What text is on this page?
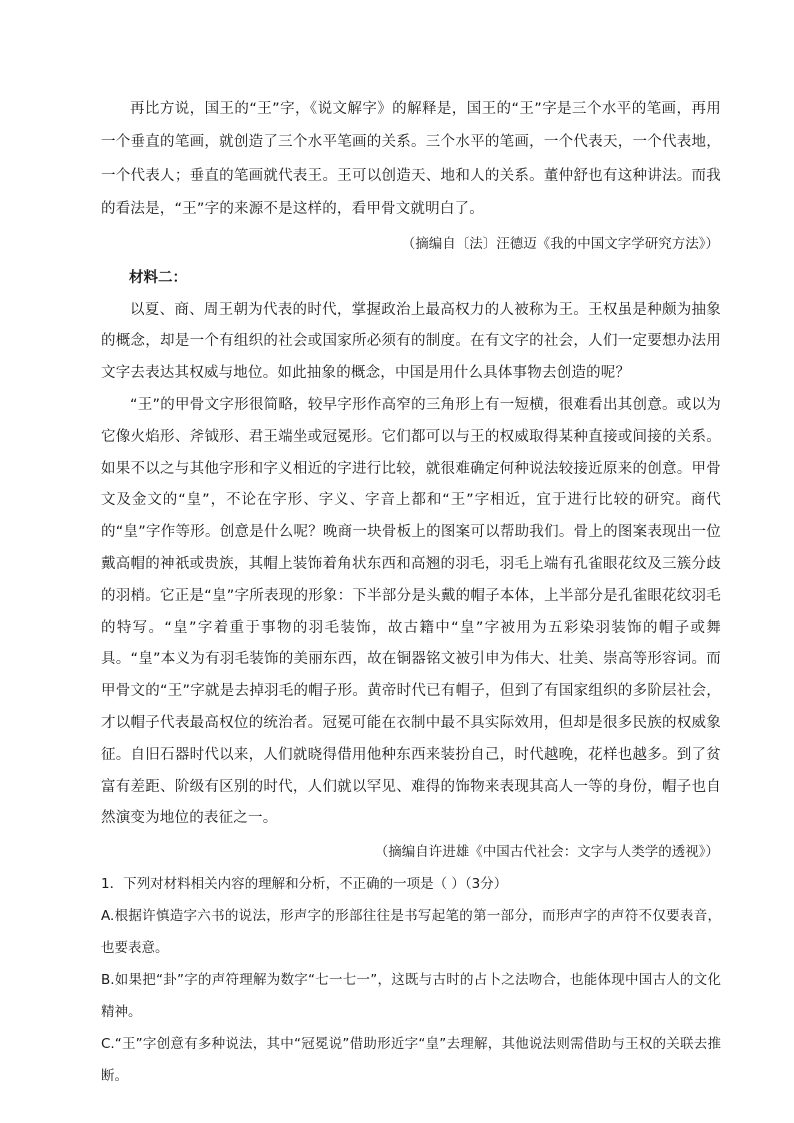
再比方说，国王的“王”字，《说文解字》的解释是，国王的“王”字是三个水平的笔画，再用一个垂直的笔画，就创造了三个水平笔画的关系。三个水平的笔画，一个代表天，一个代表地，一个代表人；垂直的笔画就代表王。王可以创造天、地和人的关系。董仲舒也有这种讲法。而我的看法是，“王”字的来源不是这样的，看甲骨文就明白了。

（摘编自〔法〕汪德迈《我的中国文字学研究方法》）

材料二：

以夏、商、周王朝为代表的时代，掌握政治上最高权力的人被称为王。王权虽是种颇为抽象的概念，却是一个有组织的社会或国家所必须有的制度。在有文字的社会，人们一定要想办法用文字去表达其权威与地位。如此抽象的概念，中国是用什么具体事物去创造的呢？

“王”的甲骨文字形很简略，较早字形作高窄的三角形上有一短横，很难看出其创意。或以为它像火焰形、斧钺形、君王端坐或冠冕形。它们都可以与王的权威取得某种直接或间接的关系。如果不以之与其他字形和字义相近的字进行比较，就很难确定何种说法较接近原来的创意。甲骨文及金文的“皇”，不论在字形、字义、字音上都和“王”字相近，宜于进行比较的研究。商代的“皇”字作等形。创意是什么呢？晚商一块骨板上的图案可以帮助我们。骨上的图案表现出一位戴高帽的神祇或贵族，其帽上装饰着角状东西和高翘的羽毛，羽毛上端有孔雀眼花纹及三簇分歧的羽梢。它正是“皇”字所表现的形象：下半部分是头戴的帽子本体，上半部分是孔雀眼花纹羽毛的特写。“皇”字着重于事物的羽毛装饰，故古籍中“皇”字被用为五彩染羽装饰的帽子或舞具。“皇”本义为有羽毛装饰的美丽东西，故在铜器铭文被引申为伟大、壮美、崇高等形容词。而甲骨文的“王”字就是去掉羽毛的帽子形。黄帝时代已有帽子，但到了有国家组织的多阶层社会，才以帽子代表最高权位的统治者。冠冕可能在衣制中最不具实际效用，但却是很多民族的权威象征。自旧石器时代以来，人们就晓得借用他种东西来装扮自己，时代越晚，花样也越多。到了贫富有差距、阶级有区别的时代，人们就以罕见、难得的饰物来表现其高人一等的身份，帽子也自然演变为地位的表征之一。

（摘编自许进雄《中国古代社会：文字与人类学的透视》）

1．下列对材料相关内容的理解和分析，不正确的一项是（ ）（3分）

A.根据许慎造字六书的说法，形声字的形部往往是书写起笔的第一部分，而形声字的声符不仅要表音，也要表意。

B.如果把“卦”字的声符理解为数字“七一七一”，这既与古时的占卜之法吻合，也能体现中国古人的文化精神。

C.“王”字创意有多种说法，其中“冠冕说”借助形近字“皇”去理解，其他说法则需借助与王权的关联去推断。
